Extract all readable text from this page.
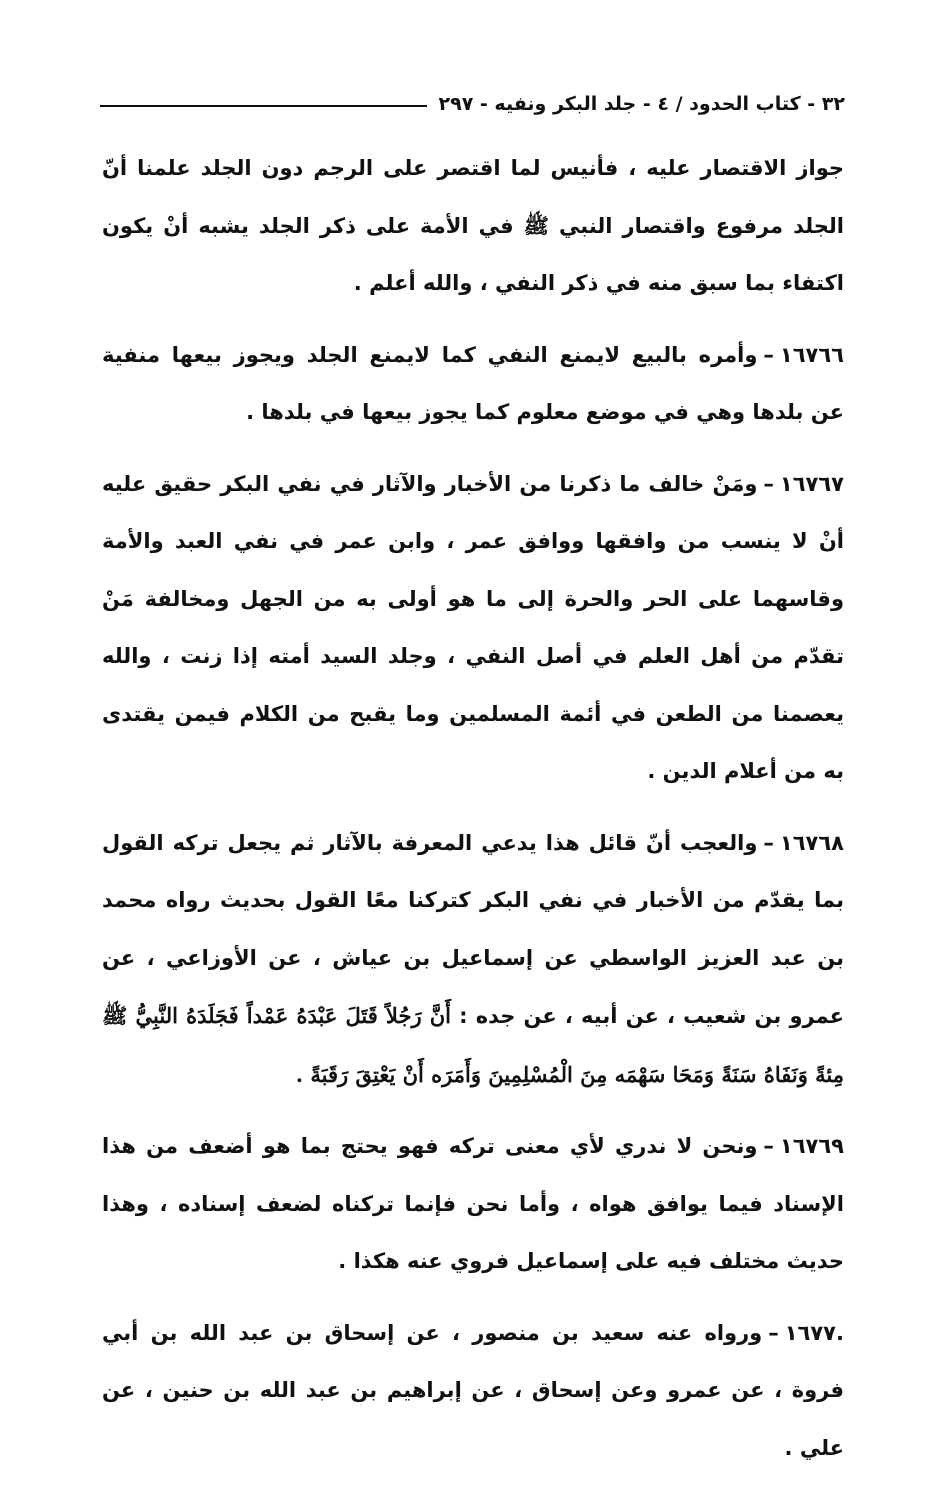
٣٢ - كتاب الحدود / ٤ - جلد البكر ونفيه - ٢٩٧

جواز الاقتصار عليه ، فأنيس لما اقتصر على الرجم دون الجلد علمنا أنّ الجلد مرفوع واقتصار النبي ﷺ في الأمة على ذكر الجلد يشبه أنْ يكون اكتفاء بما سبق منه في ذكر النفي ، والله أعلم .

١٦٧٦٦–وأمره بالبيع لايمنع النفي كما لايمنع الجلد ويجوز بيعها منفية عن بلدها وهي في موضع معلوم كما يجوز بيعها في بلدها .

١٦٧٦٧–ومَنْ خالف ما ذكرنا من الأخبار والآثار في نفي البكر حقيق عليه أنْ لا ينسب من وافقها ووافق عمر ، وابن عمر في نفي العبد والأمة وقاسهما على الحر والحرة إلى ما هو أولى به من الجهل ومخالفة مَنْ تقدّم من أهل العلم في أصل النفي ، وجلد السيد أمته إذا زنت ، والله يعصمنا من الطعن في أئمة المسلمين وما يقبح من الكلام فيمن يقتدى به من أعلام الدين .

١٦٧٦٨–والعجب أنّ قائل هذا يدعي المعرفة بالآثار ثم يجعل تركه القول بما يقدّم من الأخبار في نفي البكر كتركنا معًا القول بحديث رواه محمد بن عبد العزيز الواسطي عن إسماعيل بن عياش ، عن الأوزاعي ، عن عمرو بن شعيب ، عن أبيه ، عن جده : أَنَّ رَجُلاً قَتَلَ عَبْدَهُ عَمْداً فَجَلَدَهُ النَّبِيُّ ﷺ مِئةً وَنَفَاهُ سَنَةً وَمَحَا سَهْمَه مِنَ الْمُسْلِمِينَ وَأَمَرَه أَنْ يَعْتِقَ رَقَبَةً .

١٦٧٦٩–ونحن لا ندري لأي معنى تركه فهو يحتج بما هو أضعف من هذا الإسناد فيما يوافق هواه ، وأما نحن فإنما تركناه لضعف إسناده ، وهذا حديث مختلف فيه على إسماعيل فروي عنه هكذا .

.١٦٧٧–ورواه عنه سعيد بن منصور ، عن إسحاق بن عبد الله بن أبي فروة ، عن عمرو وعن إسحاق ، عن إبراهيم بن عبد الله بن حنين ، عن علي .
